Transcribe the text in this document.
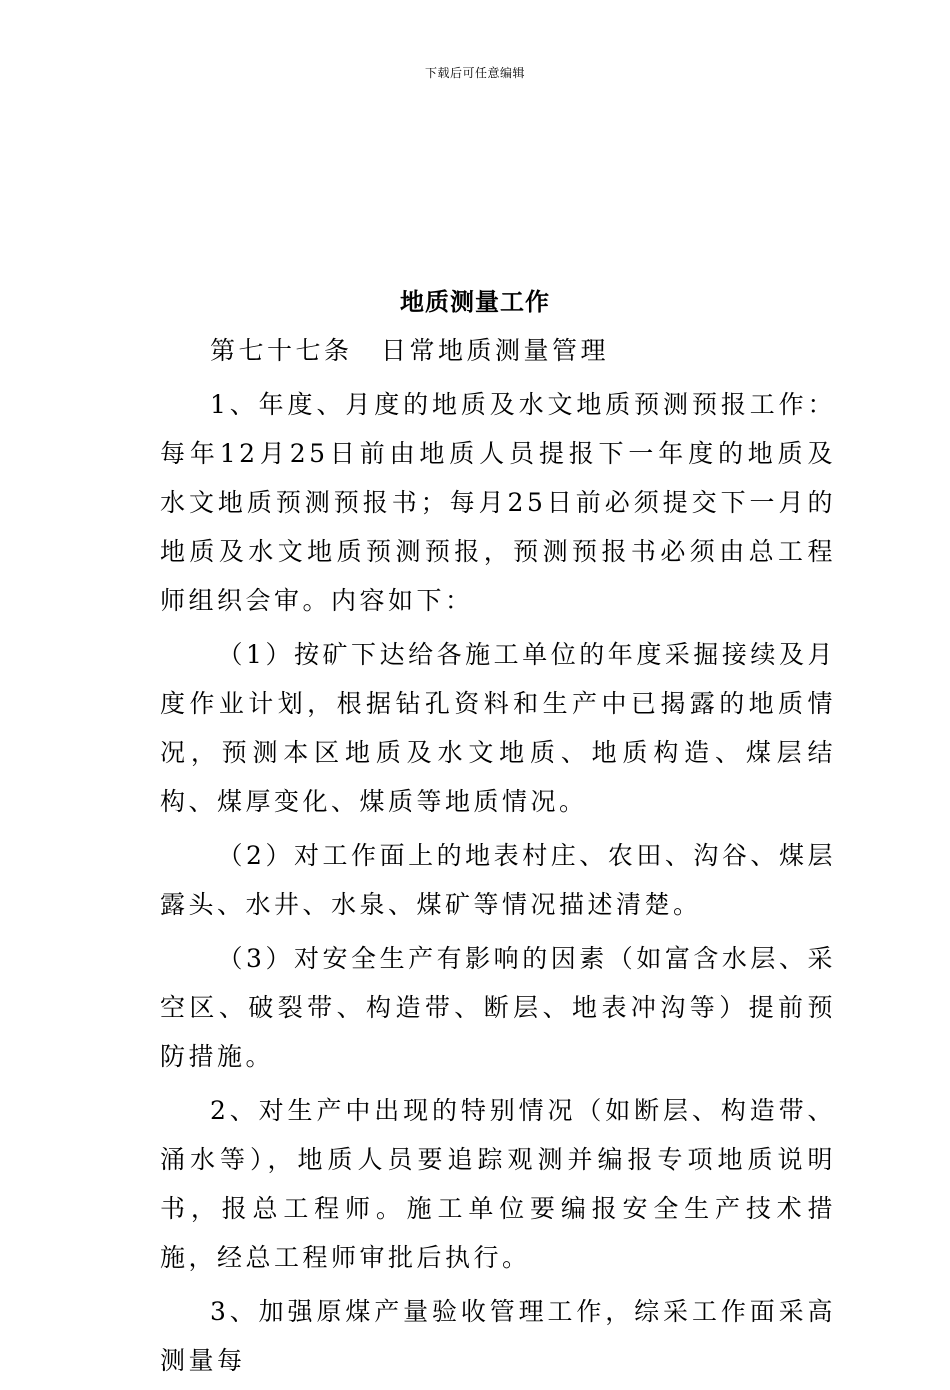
下载后可任意编辑
地质测量工作

第七十七条　日常地质测量管理

1、年度、月度的地质及水文地质预测预报工作：每年12月25日前由地质人员提报下一年度的地质及水文地质预测预报书；每月25日前必须提交下一月的地质及水文地质预测预报，预测预报书必须由总工程师组织会审。内容如下：

（1）按矿下达给各施工单位的年度采掘接续及月度作业计划，根据钻孔资料和生产中已揭露的地质情况，预测本区地质及水文地质、地质构造、煤层结构、煤厚变化、煤质等地质情况。

（2）对工作面上的地表村庄、农田、沟谷、煤层露头、水井、水泉、煤矿等情况描述清楚。

（3）对安全生产有影响的因素（如富含水层、采空区、破裂带、构造带、断层、地表冲沟等）提前预防措施。

2、对生产中出现的特别情况（如断层、构造带、涌水等），地质人员要追踪观测并编报专项地质说明书，报总工程师。施工单位要编报安全生产技术措施，经总工程师审批后执行。

3、加强原煤产量验收管理工作，综采工作面采高测量每
